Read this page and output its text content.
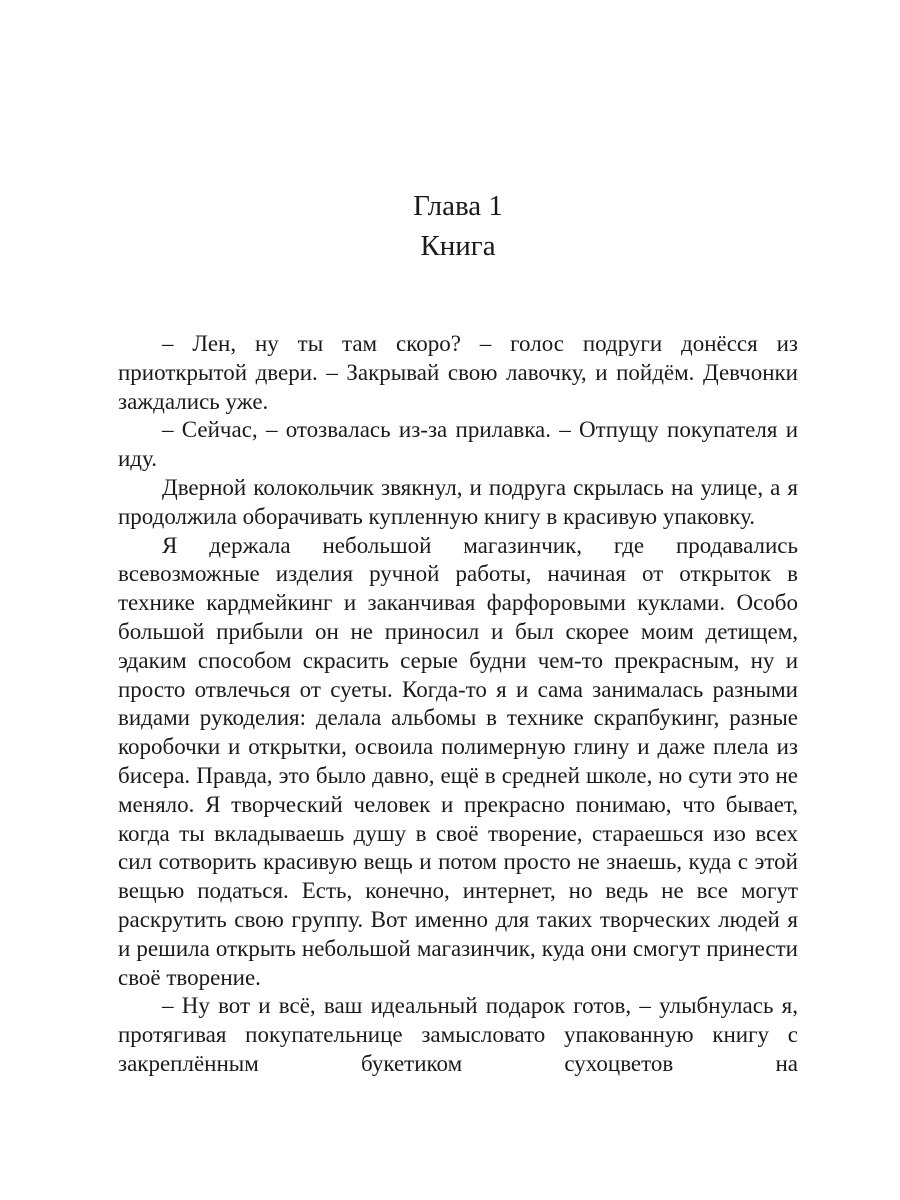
Глава 1
Книга

– Лен, ну ты там скоро? – голос подруги донёсся из приоткрытой двери. – Закрывай свою лавочку, и пойдём. Девчонки заждались уже.

– Сейчас, – отозвалась из-за прилавка. – Отпущу покупателя и иду.

Дверной колокольчик звякнул, и подруга скрылась на улице, а я продолжила оборачивать купленную книгу в красивую упаковку.

Я держала небольшой магазинчик, где продавались всевозможные изделия ручной работы, начиная от открыток в технике кардмейкинг и заканчивая фарфоровыми куклами. Особо большой прибыли он не приносил и был скорее моим детищем, эдаким способом скрасить серые будни чем-то прекрасным, ну и просто отвлечься от суеты. Когда-то я и сама занималась разными видами рукоделия: делала альбомы в технике скрапбукинг, разные коробочки и открытки, освоила полимерную глину и даже плела из бисера. Правда, это было давно, ещё в средней школе, но сути это не меняло. Я творческий человек и прекрасно понимаю, что бывает, когда ты вкладываешь душу в своё творение, стараешься изо всех сил сотворить красивую вещь и потом просто не знаешь, куда с этой вещью податься. Есть, конечно, интернет, но ведь не все могут раскрутить свою группу. Вот именно для таких творческих людей я и решила открыть небольшой магазинчик, куда они смогут принести своё творение.

– Ну вот и всё, ваш идеальный подарок готов, – улыбнулась я, протягивая покупательнице замысловато упакованную книгу с закреплённым букетиком сухоцветов на
